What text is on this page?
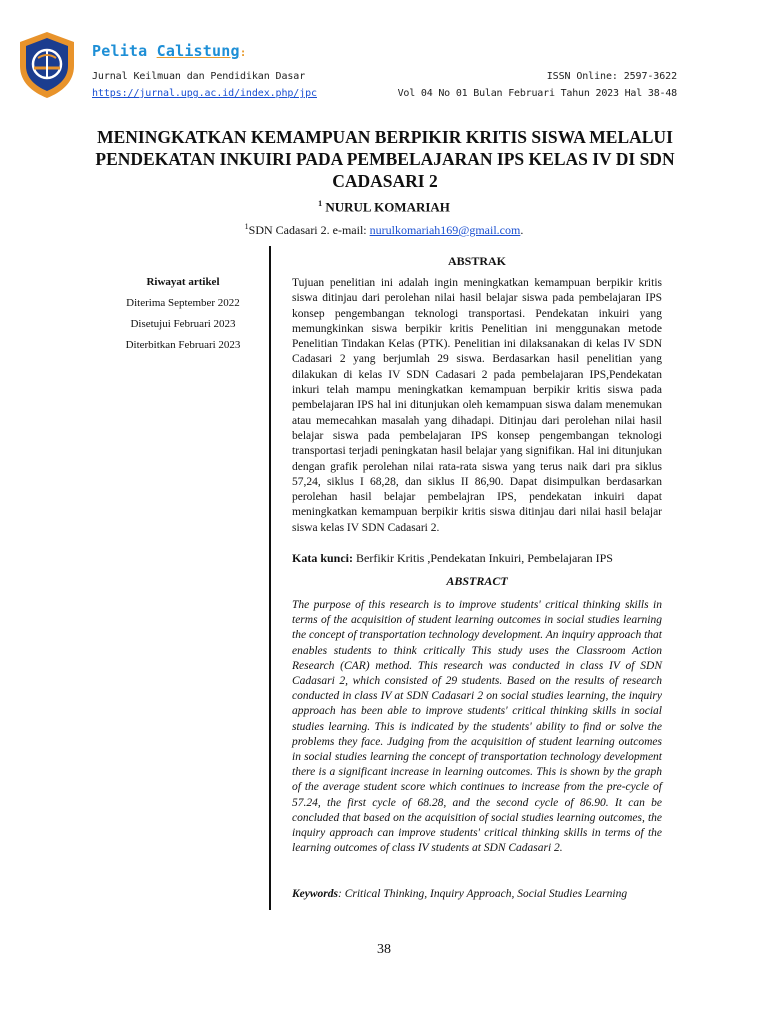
Pelita Calistung:
Jurnal Keilmuan dan Pendidikan Dasar
https://jurnal.upg.ac.id/index.php/jpc
ISSN Online: 2597-3622
Vol 04 No 01 Bulan Februari Tahun 2023 Hal 38-48
MENINGKATKAN KEMAMPUAN BERPIKIR KRITIS SISWA MELALUI PENDEKATAN INKUIRI PADA PEMBELAJARAN IPS KELAS IV DI SDN CADASARI 2
$^1$ NURUL KOMARIAH
$^1$SDN Cadasari 2. e-mail: nurulkomariah169@gmail.com.
Riwayat artikel
Diterima September 2022
Disetujui Februari 2023
Diterbitkan Februari 2023
ABSTRAK
Tujuan penelitian ini adalah ingin meningkatkan kemampuan berpikir kritis siswa ditinjau dari perolehan nilai hasil belajar siswa pada pembelajaran IPS konsep pengembangan teknologi transportasi. Pendekatan inkuiri yang memungkinkan siswa berpikir kritis Penelitian ini menggunakan metode Penelitian Tindakan Kelas (PTK). Penelitian ini dilaksanakan di kelas IV SDN Cadasari 2 yang berjumlah 29 siswa. Berdasarkan hasil penelitian yang dilakukan di kelas IV SDN Cadasari 2 pada pembelajaran IPS,Pendekatan inkuri telah mampu meningkatkan kemampuan berpikir kritis siswa pada pembelajaran IPS hal ini ditunjukan oleh kemampuan siswa dalam menemukan atau memecahkan masalah yang dihadapi. Ditinjau dari perolehan nilai hasil belajar siswa pada pembelajaran IPS konsep pengembangan teknologi transportasi terjadi peningkatan hasil belajar yang signifikan. Hal ini ditunjukan dengan grafik perolehan nilai rata-rata siswa yang terus naik dari pra siklus 57,24, siklus I 68,28, dan siklus II 86,90. Dapat disimpulkan berdasarkan perolehan hasil belajar pembelajran IPS, pendekatan inkuiri dapat meningkatkan kemampuan berpikir kritis siswa ditinjau dari nilai hasil belajar siswa kelas IV SDN Cadasari 2.
Kata kunci: Berfikir Kritis ,Pendekatan Inkuiri, Pembelajaran IPS
ABSTRACT
The purpose of this research is to improve students' critical thinking skills in terms of the acquisition of student learning outcomes in social studies learning the concept of transportation technology development. An inquiry approach that enables students to think critically This study uses the Classroom Action Research (CAR) method. This research was conducted in class IV of SDN Cadasari 2, which consisted of 29 students. Based on the results of research conducted in class IV at SDN Cadasari 2 on social studies learning, the inquiry approach has been able to improve students' critical thinking skills in social studies learning. This is indicated by the students' ability to find or solve the problems they face. Judging from the acquisition of student learning outcomes in social studies learning the concept of transportation technology development there is a significant increase in learning outcomes. This is shown by the graph of the average student score which continues to increase from the pre-cycle of 57.24, the first cycle of 68.28, and the second cycle of 86.90. It can be concluded that based on the acquisition of social studies learning outcomes, the inquiry approach can improve students' critical thinking skills in terms of the learning outcomes of class IV students at SDN Cadasari 2.
Keywords: Critical Thinking, Inquiry Approach, Social Studies Learning
38
